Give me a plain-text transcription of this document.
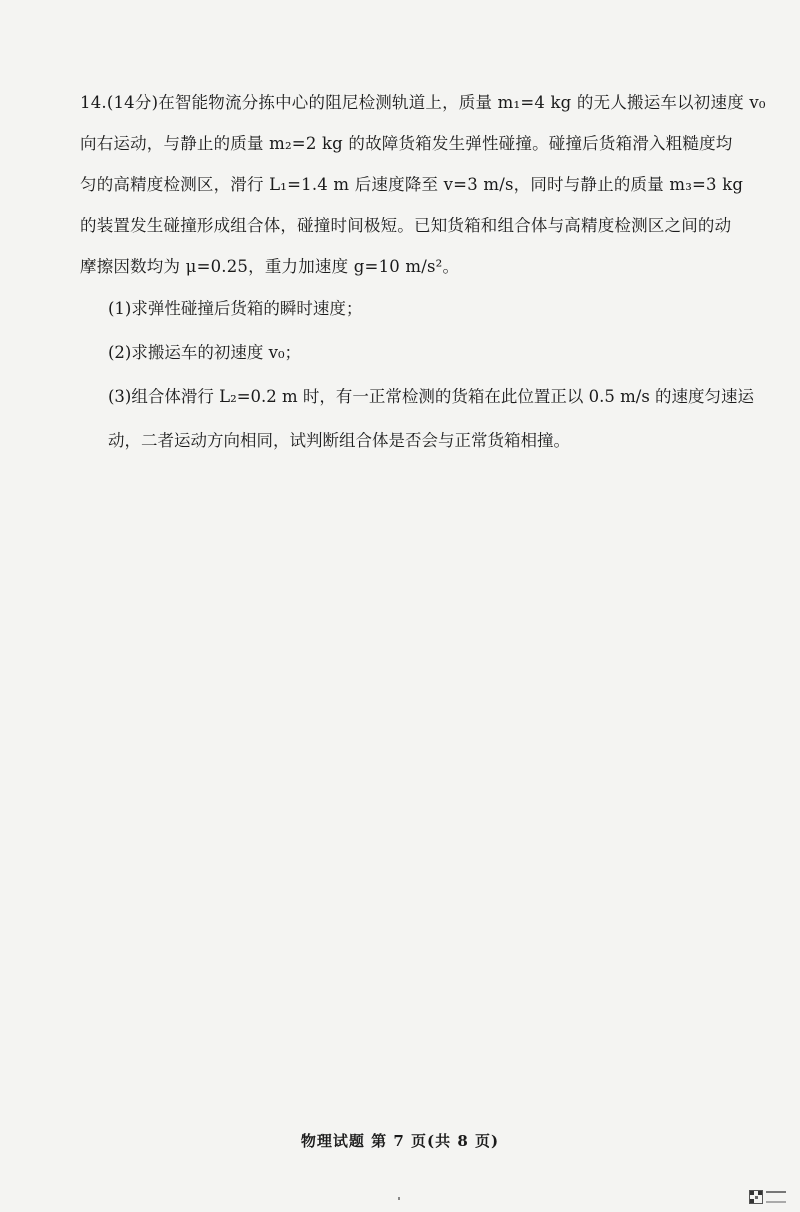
14.(14分)在智能物流分拣中心的阻尼检测轨道上，质量 m₁=4 kg 的无人搬运车以初速度 v₀
向右运动，与静止的质量 m₂=2 kg 的故障货箱发生弹性碰撞。碰撞后货箱滑入粗糙度均
匀的高精度检测区，滑行 L₁=1.4 m 后速度降至 v=3 m/s，同时与静止的质量 m₃=3 kg
的装置发生碰撞形成组合体，碰撞时间极短。已知货箱和组合体与高精度检测区之间的动
摩擦因数均为 μ=0.25，重力加速度 g=10 m/s²。
(1)求弹性碰撞后货箱的瞬时速度；
(2)求搬运车的初速度 v₀；
(3)组合体滑行 L₂=0.2 m 时，有一正常检测的货箱在此位置正以 0.5 m/s 的速度匀速运
动，二者运动方向相同，试判断组合体是否会与正常货箱相撞。
物理试题 第 7 页(共 8 页)
